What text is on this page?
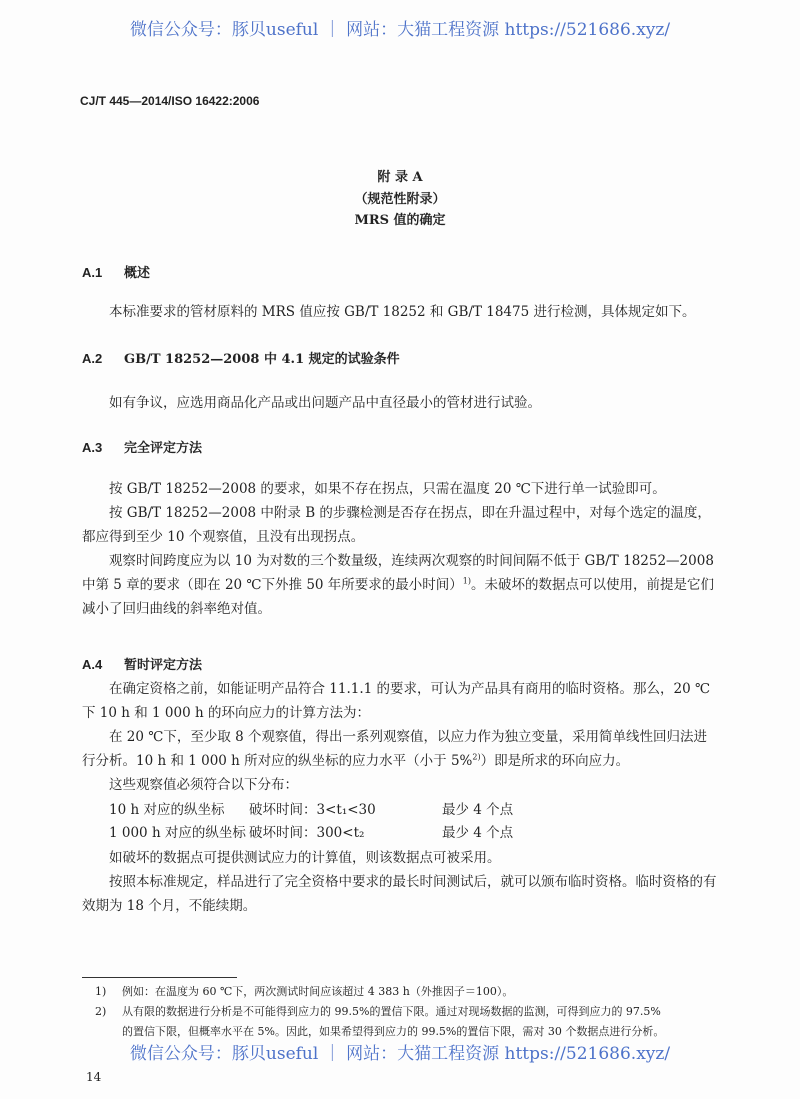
微信公众号：豚贝useful ｜ 网站：大猫工程资源 https://521686.xyz/
CJ/T 445—2014/ISO 16422:2006
附 录 A
（规范性附录）
MRS 值的确定
A.1 概述
本标准要求的管材原料的 MRS 值应按 GB/T 18252 和 GB/T 18475 进行检测，具体规定如下。
A.2 GB/T 18252—2008 中 4.1 规定的试验条件
如有争议，应选用商品化产品或出问题产品中直径最小的管材进行试验。
A.3 完全评定方法
按 GB/T 18252—2008 的要求，如果不存在拐点，只需在温度 20 ℃下进行单一试验即可。
按 GB/T 18252—2008 中附录 B 的步骤检测是否存在拐点，即在升温过程中，对每个选定的温度，都应得到至少 10 个观察值，且没有出现拐点。
观察时间跨度应为以 10 为对数的三个数量级，连续两次观察的时间间隔不低于 GB/T 18252—2008 中第 5 章的要求（即在 20 ℃下外推 50 年所要求的最小时间）$^{1)}$。未破坏的数据点可以使用，前提是它们减小了回归曲线的斜率绝对值。
A.4 暂时评定方法
在确定资格之前，如能证明产品符合 11.1.1 的要求，可认为产品具有商用的临时资格。那么，20 ℃下 10 h 和 1 000 h 的环向应力的计算方法为：
在 20 ℃下，至少取 8 个观察值，得出一系列观察值，以应力作为独立变量，采用简单线性回归法进行分析。10 h 和 1 000 h 所对应的纵坐标的应力水平（小于 5%$^{2)}$）即是所求的环向应力。
这些观察值必须符合以下分布：
10 h 对应的纵坐标 破坏时间：3<t₁<30	最少 4 个点
1 000 h 对应的纵坐标 破坏时间：300<t₂	最少 4 个点
如破坏的数据点可提供测试应力的计算值，则该数据点可被采用。
按照本标准规定，样品进行了完全资格中要求的最长时间测试后，就可以颁布临时资格。临时资格的有效期为 18 个月，不能续期。
1) 例如：在温度为 60 ℃下，两次测试时间应该超过 4 383 h（外推因子＝100）。
2) 从有限的数据进行分析是不可能得到应力的 99.5%的置信下限。通过对现场数据的监测，可得到应力的 97.5%
的置信下限，但概率水平在 5%。因此，如果希望得到应力的 99.5%的置信下限，需对 30 个数据点进行分析。
微信公众号：豚贝useful ｜ 网站：大猫工程资源 https://521686.xyz/
14
